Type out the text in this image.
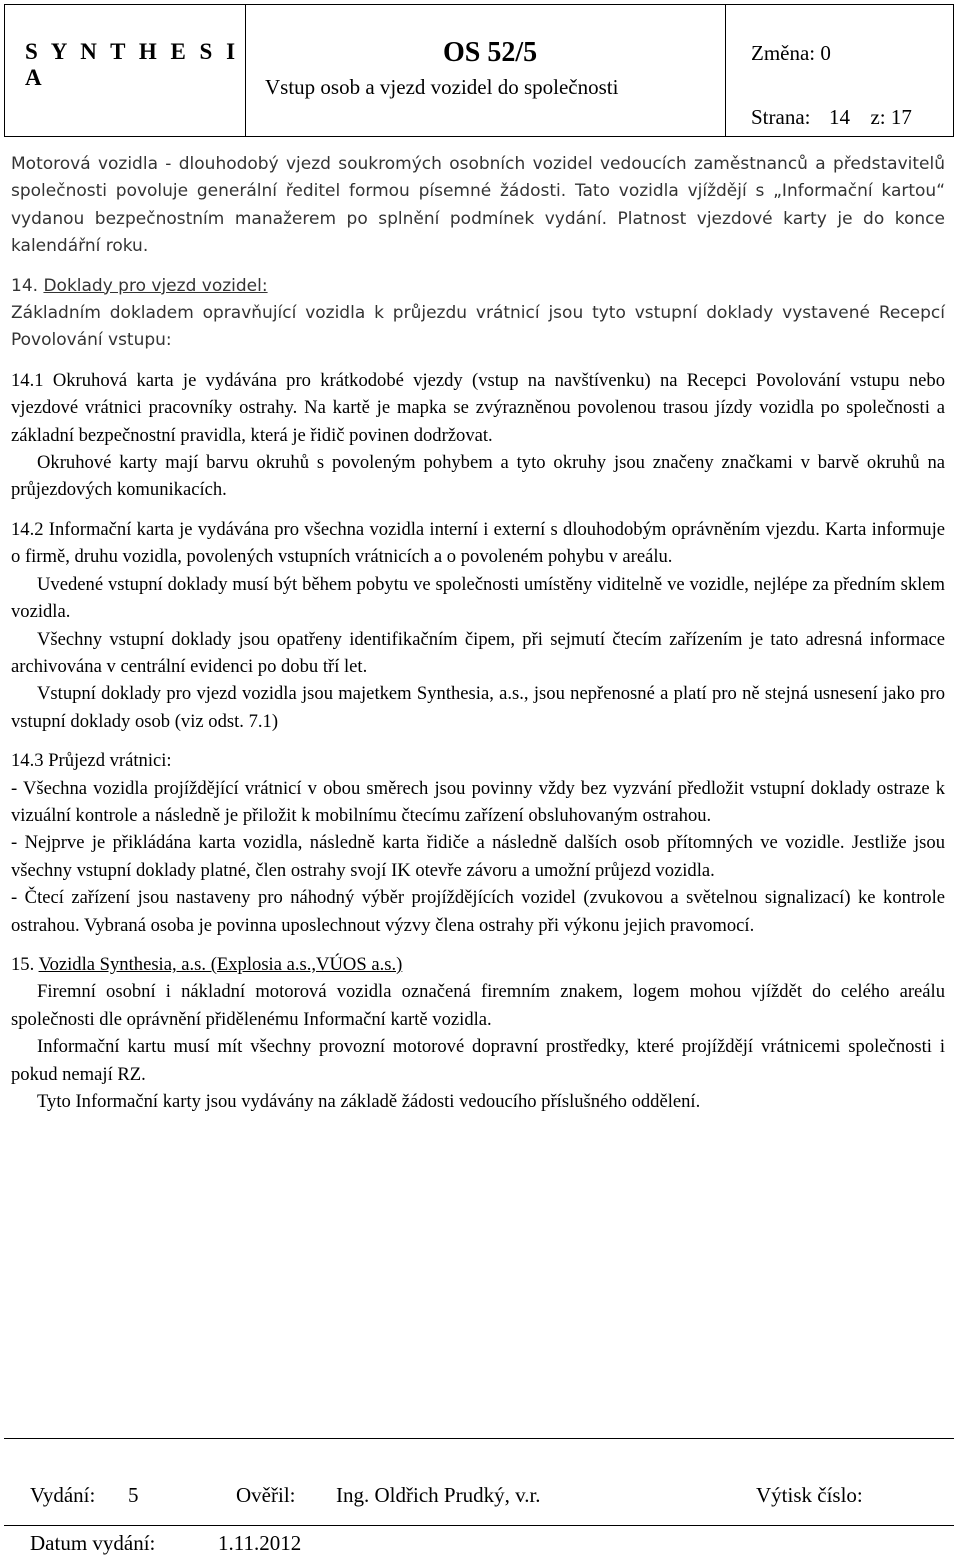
S Y N T H E S I A
OS 52/5
Vstup osob a vjezd vozidel do společnosti
Změna: 0
Strana: 14 z: 17

Motorová vozidla - dlouhodobý vjezd soukromých osobních vozidel vedoucích zaměstnanců a představitelů společnosti povoluje generální ředitel formou písemné žádosti. Tato vozidla vjíždějí s „Informační kartou“ vydanou bezpečnostním manažerem po splnění podmínek vydání. Platnost vjezdové karty je do konce kalendářní roku.

14. Doklady pro vjezd vozidel:

Základním dokladem opravňující vozidla k průjezdu vrátnicí jsou tyto vstupní doklady vystavené Recepcí Povolování vstupu:

14.1 Okruhová karta je vydávána pro krátkodobé vjezdy (vstup na navštívenku) na Recepci Povolování vstupu nebo vjezdové vrátnici pracovníky ostrahy. Na kartě je mapka se zvýrazněnou povolenou trasou jízdy vozidla po společnosti a základní bezpečnostní pravidla, která je řidič povinen dodržovat.

Okruhové karty mají barvu okruhů s povoleným pohybem a tyto okruhy jsou značeny značkami v barvě okruhů na průjezdových komunikacích.

14.2 Informační karta je vydávána pro všechna vozidla interní i externí s dlouhodobým oprávněním vjezdu. Karta informuje o firmě, druhu vozidla, povolených vstupních vrátnicích a o povoleném pohybu v areálu.

Uvedené vstupní doklady musí být během pobytu ve společnosti umístěny viditelně ve vozidle, nejlépe za předním sklem vozidla.

Všechny vstupní doklady jsou opatřeny identifikačním čipem, při sejmutí čtecím zařízením je tato adresná informace archivována v centrální evidenci po dobu tří let.

Vstupní doklady pro vjezd vozidla jsou majetkem Synthesia, a.s., jsou nepřenosné a platí pro ně stejná usnesení jako pro vstupní doklady osob (viz odst. 7.1)

14.3 Průjezd vrátnici:

- Všechna vozidla projíždějící vrátnicí v obou směrech jsou povinny vždy bez vyzvání předložit vstupní doklady ostraze k vizuální kontrole a následně je přiložit k mobilnímu čtecímu zařízení obsluhovaným ostrahou.

- Nejprve je přikládána karta vozidla, následně karta řidiče a následně dalších osob přítomných ve vozidle. Jestliže jsou všechny vstupní doklady platné, člen ostrahy svojí IK otevře závoru a umožní průjezd vozidla.

- Čtecí zařízení jsou nastaveny pro náhodný výběr projíždějících vozidel (zvukovou a světelnou signalizací) ke kontrole ostrahou. Vybraná osoba je povinna uposlechnout výzvy člena ostrahy při výkonu jejich pravomocí.

15. Vozidla Synthesia, a.s. (Explosia a.s.,VÚOS a.s.)

Firemní osobní i nákladní motorová vozidla označená firemním znakem, logem mohou vjíždět do celého areálu společnosti dle oprávnění přidělenému Informační kartě vozidla.

Informační kartu musí mít všechny provozní motorové dopravní prostředky, které projíždějí vrátnicemi společnosti i pokud nemají RZ.

Tyto Informační karty jsou vydávány na základě žádosti vedoucího příslušného oddělení.

Vydání: 5	Ověřil: Ing. Oldřich Prudký, v.r.	Výtisk číslo:
Datum vydání:	1.11.2012
